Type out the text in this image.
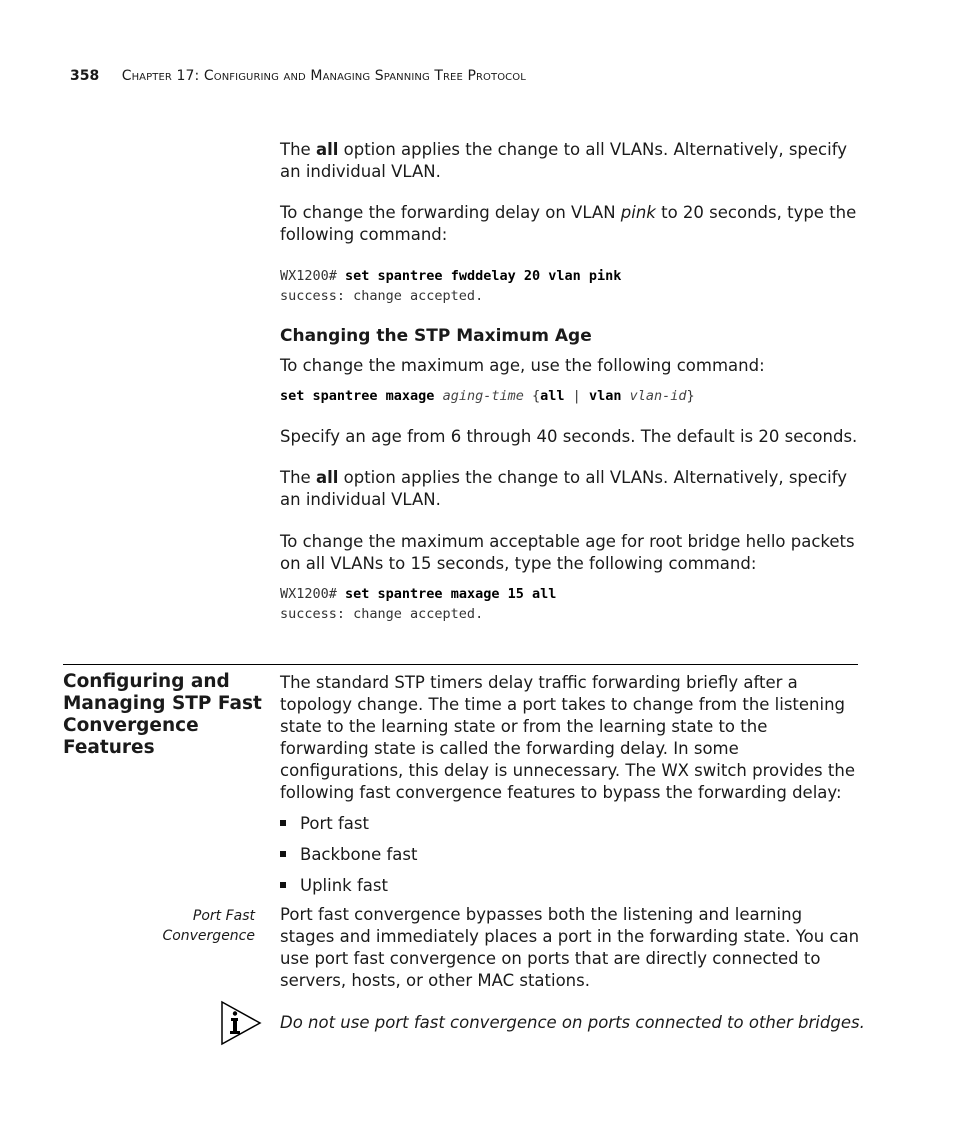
358 Chapter 17: Configuring and Managing Spanning Tree Protocol
The all option applies the change to all VLANs. Alternatively, specify an individual VLAN.
To change the forwarding delay on VLAN pink to 20 seconds, type the following command:
WX1200# set spantree fwddelay 20 vlan pink
success: change accepted.
Changing the STP Maximum Age
To change the maximum age, use the following command:
set spantree maxage aging-time {all | vlan vlan-id}
Specify an age from 6 through 40 seconds. The default is 20 seconds.
The all option applies the change to all VLANs. Alternatively, specify an individual VLAN.
To change the maximum acceptable age for root bridge hello packets on all VLANs to 15 seconds, type the following command:
WX1200# set spantree maxage 15 all
success: change accepted.
Configuring and Managing STP Fast Convergence Features
The standard STP timers delay traffic forwarding briefly after a topology change. The time a port takes to change from the listening state to the learning state or from the learning state to the forwarding state is called the forwarding delay. In some configurations, this delay is unnecessary. The WX switch provides the following fast convergence features to bypass the forwarding delay:
Port fast
Backbone fast
Uplink fast
Port Fast Convergence
Port fast convergence bypasses both the listening and learning stages and immediately places a port in the forwarding state. You can use port fast convergence on ports that are directly connected to servers, hosts, or other MAC stations.
Do not use port fast convergence on ports connected to other bridges.
